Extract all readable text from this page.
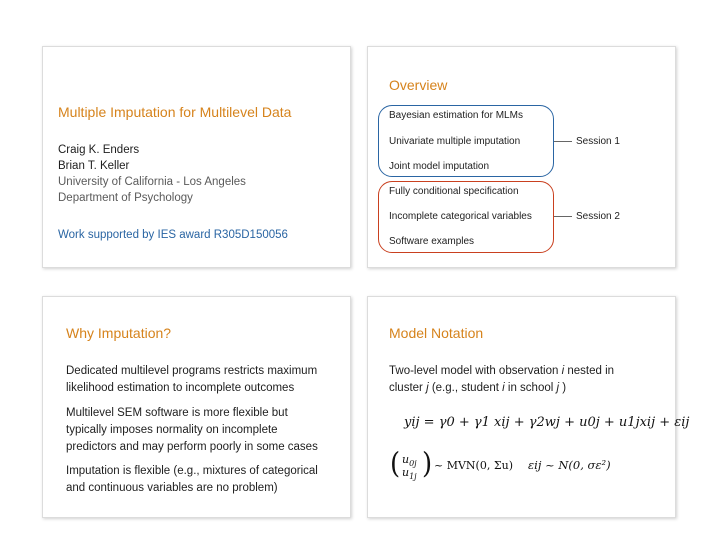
Multiple Imputation for Multilevel Data
Craig K. Enders
Brian T. Keller
University of California - Los Angeles
Department of Psychology
Work supported by IES award R305D150056
Overview
Bayesian estimation for MLMs
Univariate multiple imputation
Joint model imputation
Fully conditional specification
Incomplete categorical variables
Software examples
Session 1
Session 2
Why Imputation?
Dedicated multilevel programs restricts maximum
likelihood estimation to incomplete outcomes
Multilevel SEM software is more flexible but
typically imposes normality on incomplete
predictors and may perform poorly in some cases
Imputation is flexible (e.g., mixtures of categorical
and continuous variables are no problem)
Model Notation
Two-level model with observation i nested in
cluster j (e.g., student i in school j )
yij = γ0 + γ1 xij + γ2wj + u0j + u1jxij + εij
( $u_{0j}$
$u_{1j}$ ) ~ MVN(0, Σu) εij ~ N(0, σε²)
